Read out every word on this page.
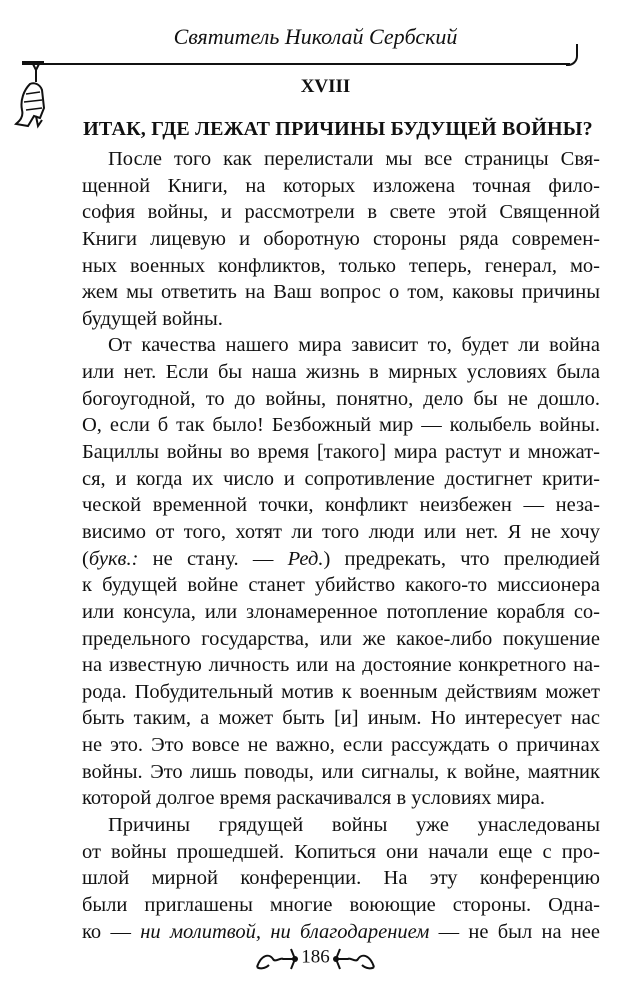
Святитель Николай Сербский
XVIII
ИТАК, ГДЕ ЛЕЖАТ ПРИЧИНЫ БУДУЩЕЙ ВОЙНЫ?
После того как перелистали мы все страницы Свя-
щенной Книги, на которых изложена точная фило-
софия войны, и рассмотрели в свете этой Священной
Книги лицевую и оборотную стороны ряда современ-
ных военных конфликтов, только теперь, генерал, мо-
жем мы ответить на Ваш вопрос о том, каковы причины
будущей войны.
От качества нашего мира зависит то, будет ли война
или нет. Если бы наша жизнь в мирных условиях была
богоугодной, то до войны, понятно, дело бы не дошло.
О, если б так было! Безбожный мир — колыбель войны.
Бациллы войны во время [такого] мира растут и множат-
ся, и когда их число и сопротивление достигнет крити-
ческой временной точки, конфликт неизбежен — неза-
висимо от того, хотят ли того люди или нет. Я не хочу
(букв.: не стану. — Ред.) предрекать, что прелюдией
к будущей войне станет убийство какого-то миссионера
или консула, или злонамеренное потопление корабля со-
предельного государства, или же какое-либо покушение
на известную личность или на достояние конкретного на-
рода. Побудительный мотив к военным действиям может
быть таким, а может быть [и] иным. Но интересует нас
не это. Это вовсе не важно, если рассуждать о причинах
войны. Это лишь поводы, или сигналы, к войне, маятник
которой долгое время раскачивался в условиях мира.
Причины грядущей войны уже унаследованы
от войны прошедшей. Копиться они начали еще с про-
шлой мирной конференции. На эту конференцию
были приглашены многие воюющие стороны. Одна-
ко — ни молитвой, ни благодарением — не был на нее
186
